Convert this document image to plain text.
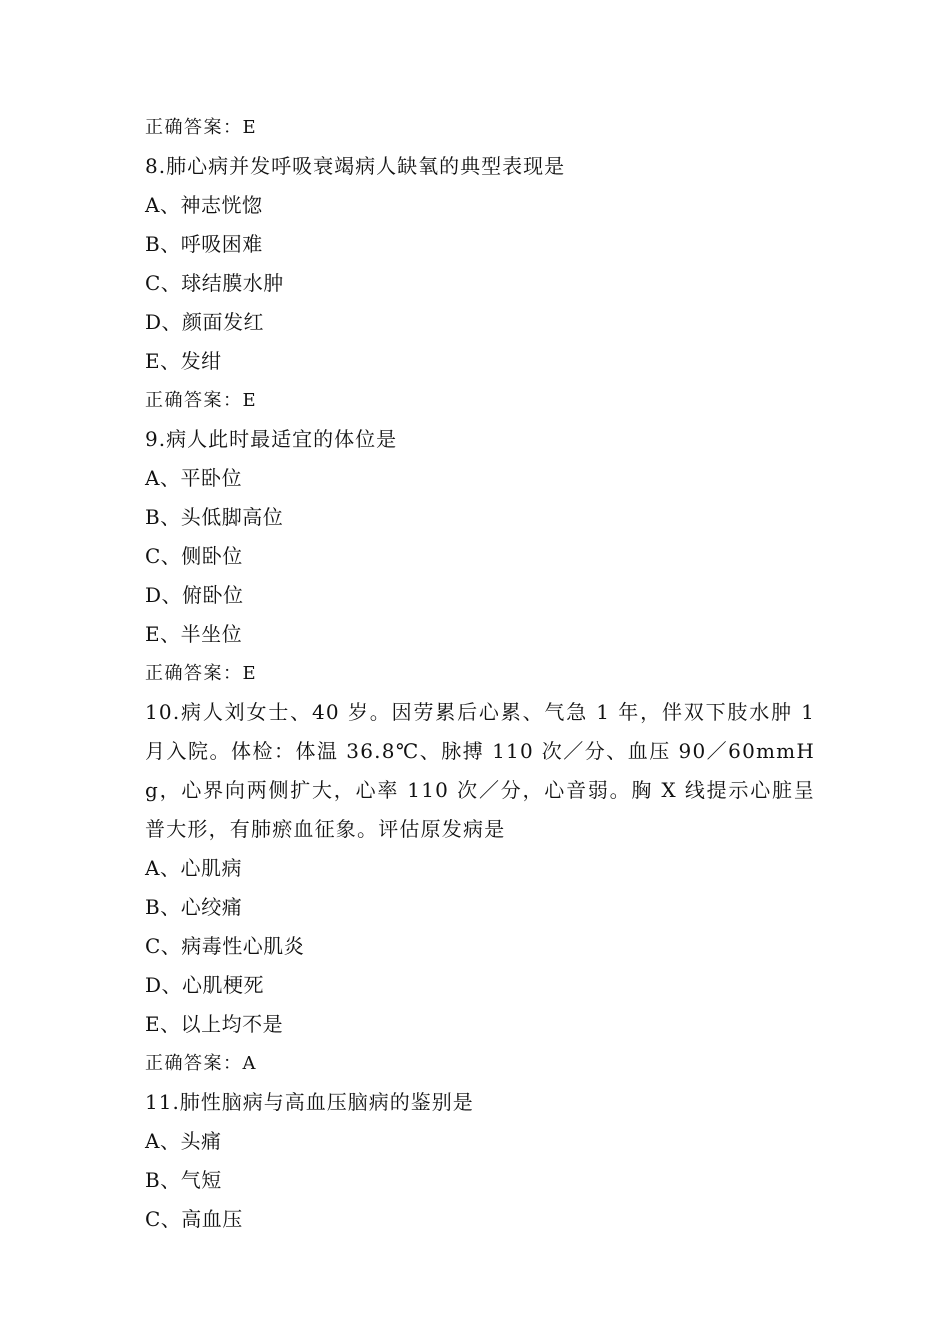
正确答案：E
8.肺心病并发呼吸衰竭病人缺氧的典型表现是
A、神志恍惚
B、呼吸困难
C、球结膜水肿
D、颜面发红
E、发绀
正确答案：E
9.病人此时最适宜的体位是
A、平卧位
B、头低脚高位
C、侧卧位
D、俯卧位
E、半坐位
正确答案：E
10.病人刘女士、40 岁。因劳累后心累、气急 1 年，伴双下肢水肿 1 月入院。体检：体温 36.8℃、脉搏 110 次／分、血压 90／60mmHg，心界向两侧扩大，心率 110 次／分，心音弱。胸 X 线提示心脏呈普大形，有肺瘀血征象。评估原发病是
A、心肌病
B、心绞痛
C、病毒性心肌炎
D、心肌梗死
E、以上均不是
正确答案：A
11.肺性脑病与高血压脑病的鉴别是
A、头痛
B、气短
C、高血压
